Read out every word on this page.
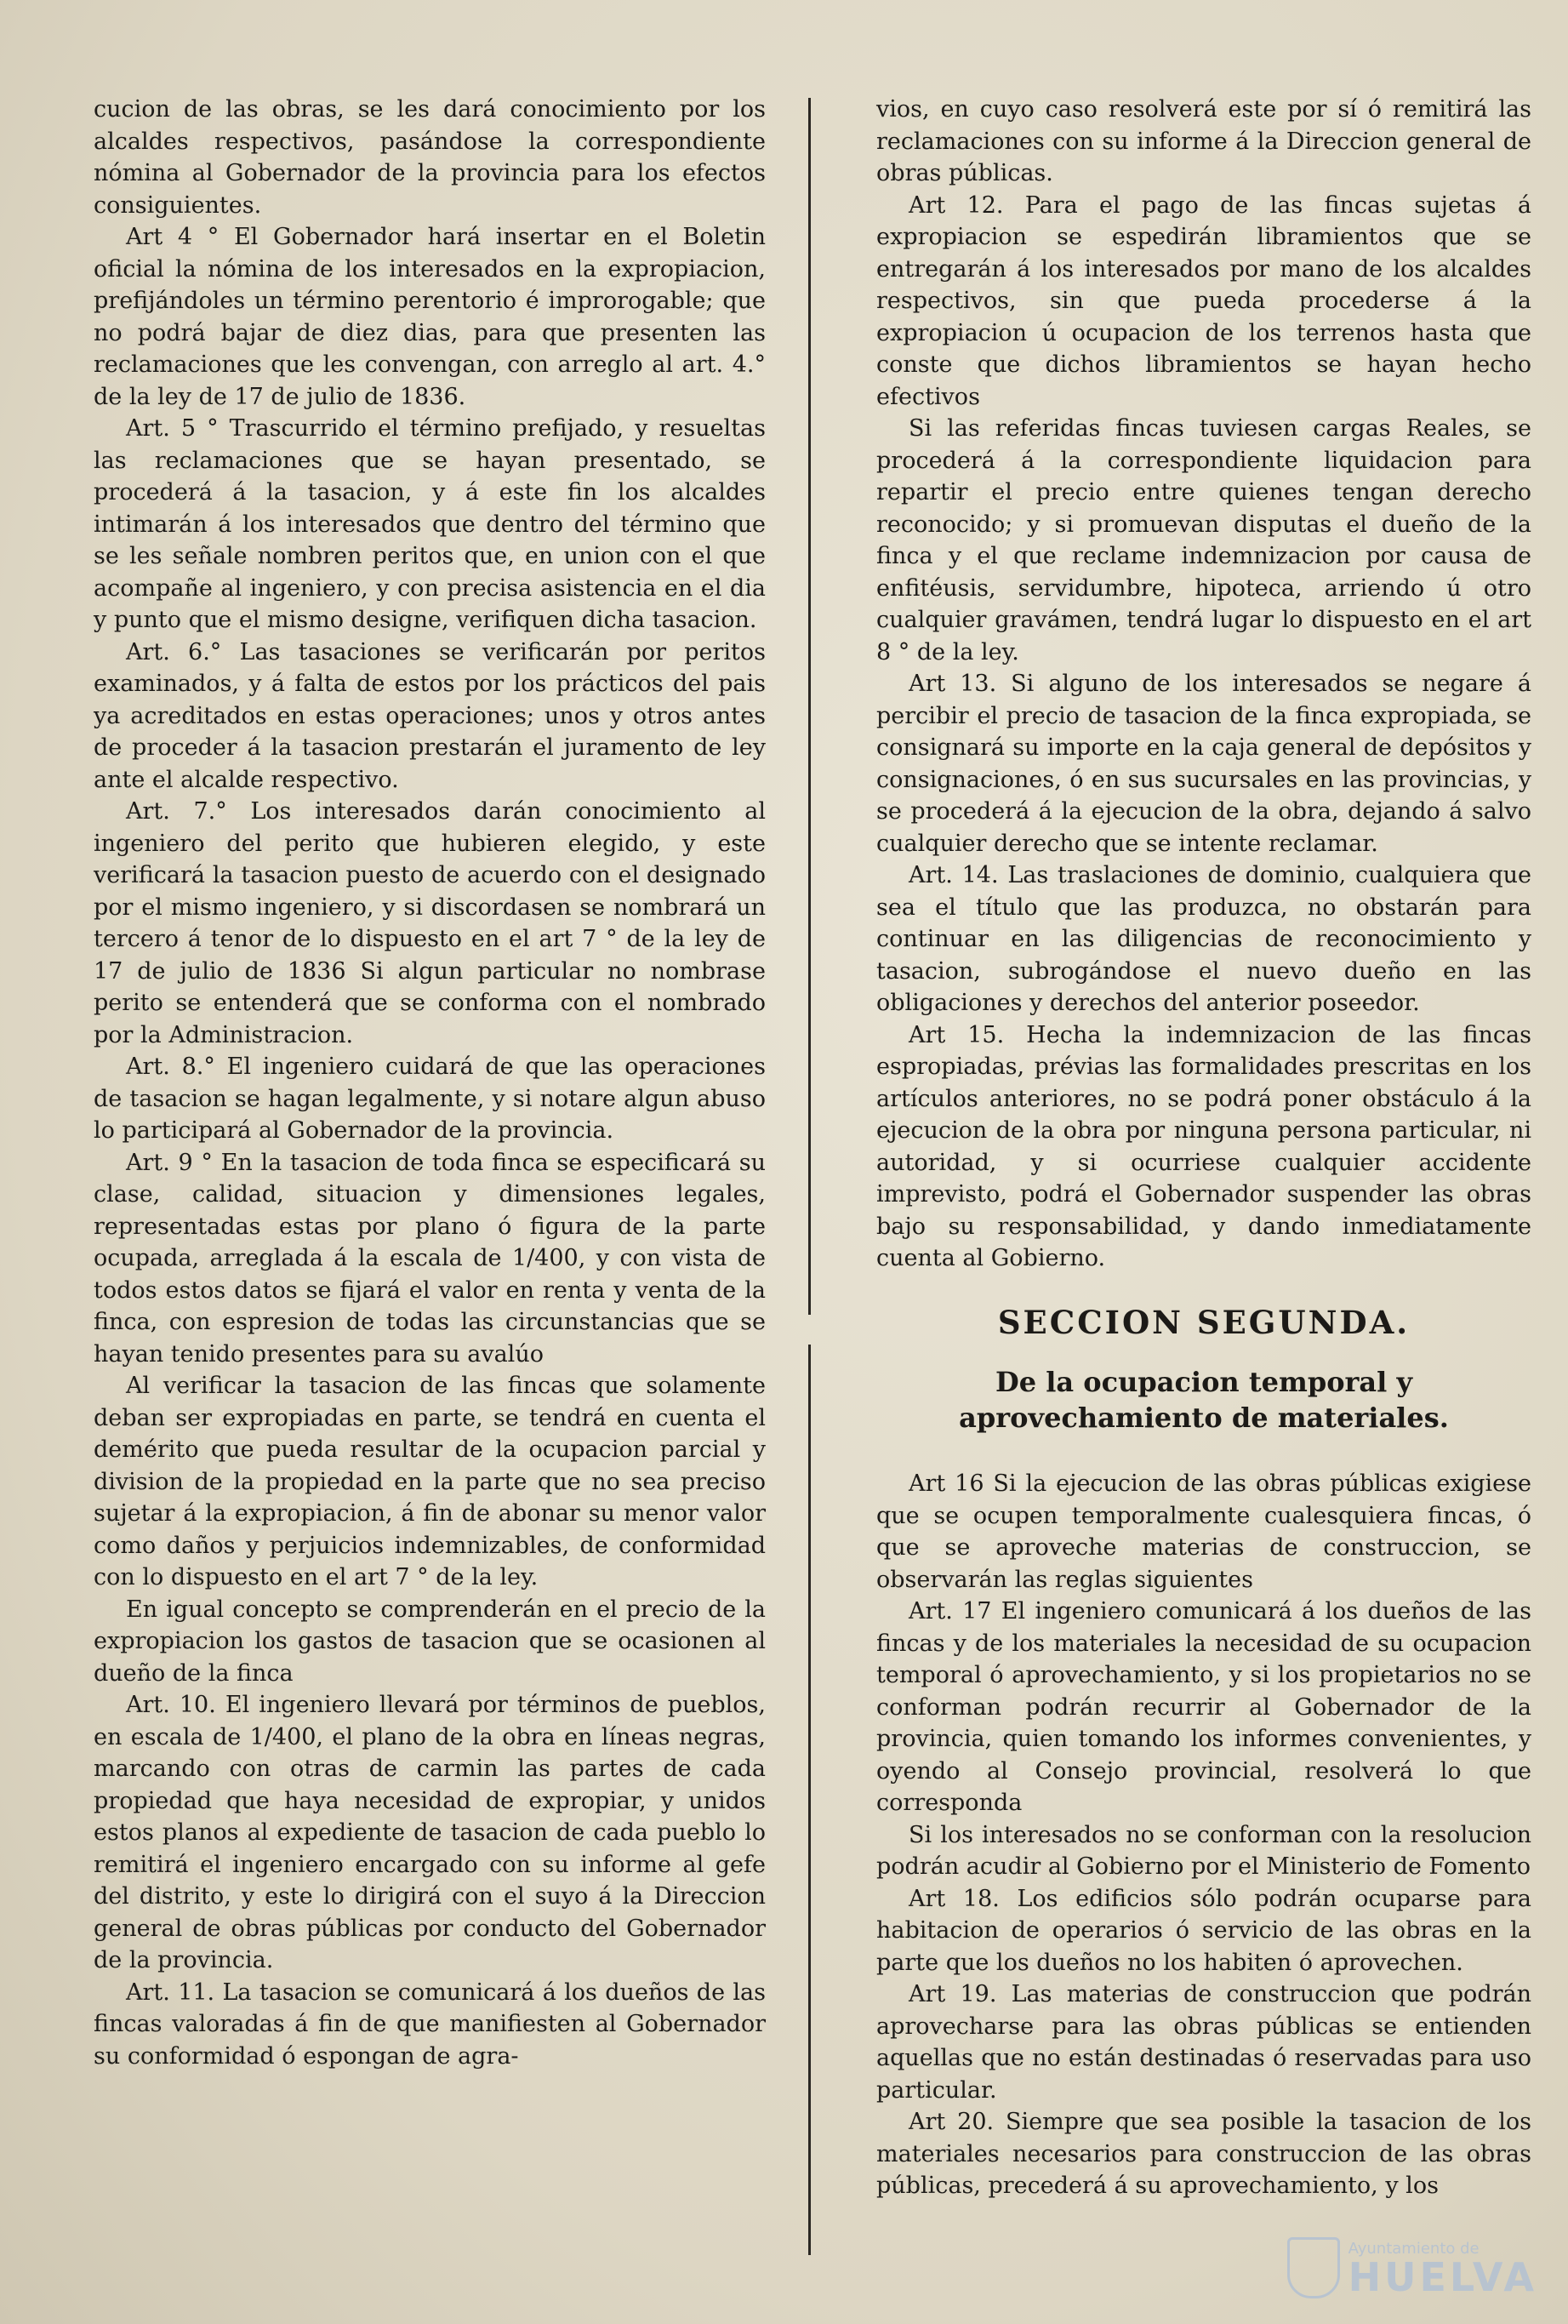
cucion de las obras, se les dará conocimiento por los alcaldes respectivos, pasándose la correspondiente nómina al Gobernador de la provincia para los efectos consiguientes.

Art 4 ° El Gobernador hará insertar en el Boletin oficial la nómina de los interesados en la expropiacion, prefijándoles un término perentorio é improrogable; que no podrá bajar de diez dias, para que presenten las reclamaciones que les convengan, con arreglo al art. 4.° de la ley de 17 de julio de 1836.

Art. 5 ° Trascurrido el término prefijado, y resueltas las reclamaciones que se hayan presentado, se procederá á la tasacion, y á este fin los alcaldes intimarán á los interesados que dentro del término que se les señale nombren peritos que, en union con el que acompañe al ingeniero, y con precisa asistencia en el dia y punto que el mismo designe, verifiquen dicha tasacion.

Art. 6.° Las tasaciones se verificarán por peritos examinados, y á falta de estos por los prácticos del pais ya acreditados en estas operaciones; unos y otros antes de proceder á la tasacion prestarán el juramento de ley ante el alcalde respectivo.

Art. 7.° Los interesados darán conocimiento al ingeniero del perito que hubieren elegido, y este verificará la tasacion puesto de acuerdo con el designado por el mismo ingeniero, y si discordasen se nombrará un tercero á tenor de lo dispuesto en el art 7 ° de la ley de 17 de julio de 1836 Si algun particular no nombrase perito se entenderá que se conforma con el nombrado por la Administracion.

Art. 8.° El ingeniero cuidará de que las operaciones de tasacion se hagan legalmente, y si notare algun abuso lo participará al Gobernador de la provincia.

Art. 9 ° En la tasacion de toda finca se especificará su clase, calidad, situacion y dimensiones legales, representadas estas por plano ó figura de la parte ocupada, arreglada á la escala de 1/400, y con vista de todos estos datos se fijará el valor en renta y venta de la finca, con espresion de todas las circunstancias que se hayan tenido presentes para su avalúo

Al verificar la tasacion de las fincas que solamente deban ser expropiadas en parte, se tendrá en cuenta el demérito que pueda resultar de la ocupacion parcial y division de la propiedad en la parte que no sea preciso sujetar á la expropiacion, á fin de abonar su menor valor como daños y perjuicios indemnizables, de conformidad con lo dispuesto en el art 7 ° de la ley.

En igual concepto se comprenderán en el precio de la expropiacion los gastos de tasacion que se ocasionen al dueño de la finca

Art. 10. El ingeniero llevará por términos de pueblos, en escala de 1/400, el plano de la obra en líneas negras, marcando con otras de carmin las partes de cada propiedad que haya necesidad de expropiar, y unidos estos planos al expediente de tasacion de cada pueblo lo remitirá el ingeniero encargado con su informe al gefe del distrito, y este lo dirigirá con el suyo á la Direccion general de obras públicas por conducto del Gobernador de la provincia.

Art. 11. La tasacion se comunicará á los dueños de las fincas valoradas á fin de que manifiesten al Gobernador su conformidad ó espongan de agra-

vios, en cuyo caso resolverá este por sí ó remitirá las reclamaciones con su informe á la Direccion general de obras públicas.

Art 12. Para el pago de las fincas sujetas á expropiacion se espedirán libramientos que se entregarán á los interesados por mano de los alcaldes respectivos, sin que pueda procederse á la expropiacion ú ocupacion de los terrenos hasta que conste que dichos libramientos se hayan hecho efectivos

Si las referidas fincas tuviesen cargas Reales, se procederá á la correspondiente liquidacion para repartir el precio entre quienes tengan derecho reconocido; y si promuevan disputas el dueño de la finca y el que reclame indemnizacion por causa de enfitéusis, servidumbre, hipoteca, arriendo ú otro cualquier gravámen, tendrá lugar lo dispuesto en el art 8 ° de la ley.

Art 13. Si alguno de los interesados se negare á percibir el precio de tasacion de la finca expropiada, se consignará su importe en la caja general de depósitos y consignaciones, ó en sus sucursales en las provincias, y se procederá á la ejecucion de la obra, dejando á salvo cualquier derecho que se intente reclamar.

Art. 14. Las traslaciones de dominio, cualquiera que sea el título que las produzca, no obstarán para continuar en las diligencias de reconocimiento y tasacion, subrogándose el nuevo dueño en las obligaciones y derechos del anterior poseedor.

Art 15. Hecha la indemnizacion de las fincas espropiadas, prévias las formalidades prescritas en los artículos anteriores, no se podrá poner obstáculo á la ejecucion de la obra por ninguna persona particular, ni autoridad, y si ocurriese cualquier accidente imprevisto, podrá el Gobernador suspender las obras bajo su responsabilidad, y dando inmediatamente cuenta al Gobierno.

SECCION SEGUNDA.
De la ocupacion temporal y aprovechamiento de materiales.

Art 16 Si la ejecucion de las obras públicas exigiese que se ocupen temporalmente cualesquiera fincas, ó que se aproveche materias de construccion, se observarán las reglas siguientes

Art. 17 El ingeniero comunicará á los dueños de las fincas y de los materiales la necesidad de su ocupacion temporal ó aprovechamiento, y si los propietarios no se conforman podrán recurrir al Gobernador de la provincia, quien tomando los informes convenientes, y oyendo al Consejo provincial, resolverá lo que corresponda

Si los interesados no se conforman con la resolucion podrán acudir al Gobierno por el Ministerio de Fomento

Art 18. Los edificios sólo podrán ocuparse para habitacion de operarios ó servicio de las obras en la parte que los dueños no los habiten ó aprovechen.

Art 19. Las materias de construccion que podrán aprovecharse para las obras públicas se entienden aquellas que no están destinadas ó reservadas para uso particular.

Art 20. Siempre que sea posible la tasacion de los materiales necesarios para construccion de las obras públicas, precederá á su aprovechamiento, y los

Ayuntamiento de
HUELVA
